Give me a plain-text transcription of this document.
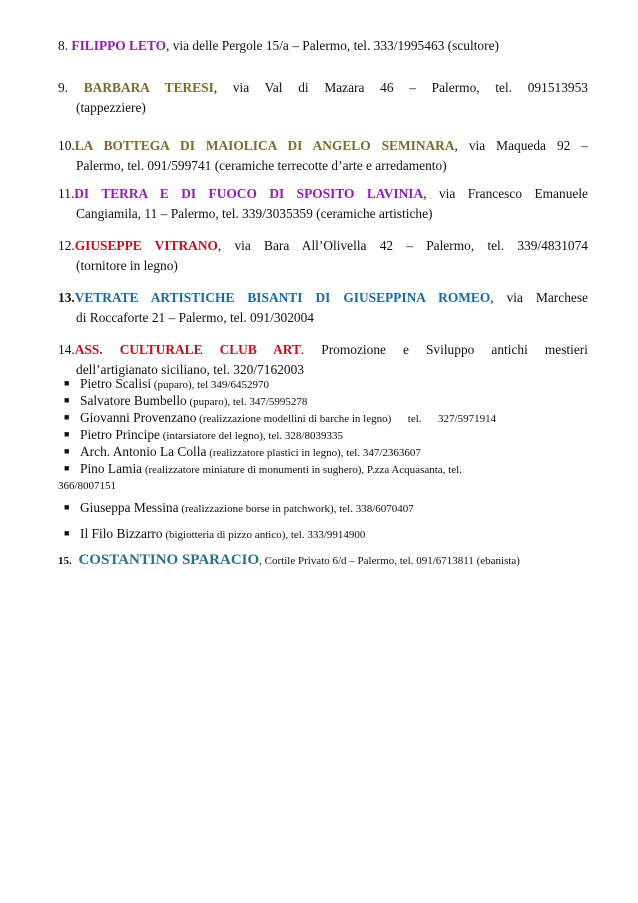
8. FILIPPO LETO, via delle Pergole 15/a – Palermo, tel. 333/1995463 (scultore)
9. BARBARA TERESI, via Val di Mazara 46 – Palermo, tel. 091513953
(tappezziere)
10.LA BOTTEGA DI MAIOLICA DI ANGELO SEMINARA, via Maqueda 92 –
Palermo, tel. 091/599741 (ceramiche terrecotte d’arte e arredamento)
11.DI TERRA E DI FUOCO DI SPOSITO LAVINIA, via Francesco Emanuele
Cangiamila, 11 – Palermo, tel. 339/3035359 (ceramiche artistiche)
12.GIUSEPPE VITRANO, via Bara All’Olivella 42 – Palermo, tel. 339/4831074
(tornitore in legno)
13.VETRATE ARTISTICHE BISANTI DI GIUSEPPINA ROMEO, via Marchese
di Roccaforte 21 – Palermo, tel. 091/302004
14.ASS. CULTURALE CLUB ART. Promozione e Sviluppo antichi mestieri
dell’artigianato siciliano, tel. 320/7162003
■ Pietro Scalisi (puparo), tel 349/6452970
■ Salvatore Bumbello (puparo), tel. 347/5995278
■ Giovanni Provenzano (realizzazione modellini di barche in legno)      tel.      327/5971914
■ Pietro Principe (intarsiatore del legno), tel. 328/8039335
■ Arch. Antonio La Colla (realizzatore plastici in legno), tel. 347/2363607
■ Pino Lamia (realizzatore miniature di monumenti in sughero), P.zza Acquasanta, tel.
366/8007151
■ Giuseppa Messina (realizzazione borse in patchwork), tel. 338/6070407
■ Il Filo Bizzarro (bigiotteria di pizzo antico), tel. 333/9914900
15. COSTANTINO SPARACIO, Cortile Privato 6/d – Palermo, tel. 091/6713811 (ebanista)
